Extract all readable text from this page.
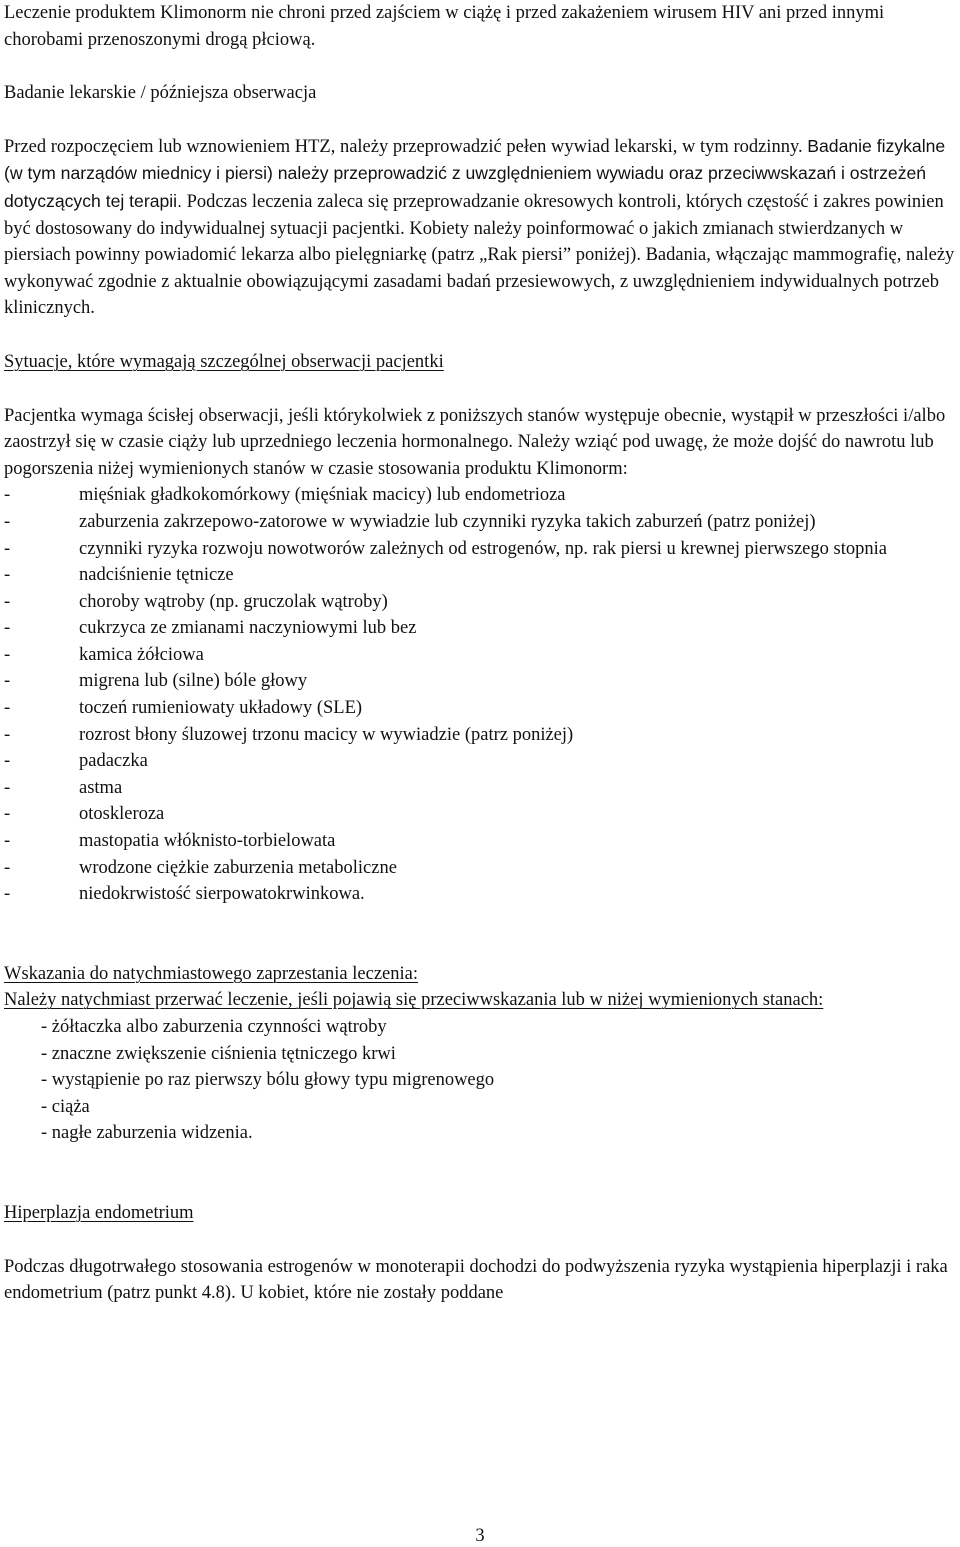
Leczenie produktem Klimonorm nie chroni przed zajściem w ciążę i przed zakażeniem wirusem HIV ani przed innymi chorobami przenoszonymi drogą płciową.

Badanie lekarskie / późniejsza obserwacja

Przed rozpoczęciem lub wznowieniem HTZ, należy przeprowadzić pełen wywiad lekarski, w tym rodzinny. Badanie fizykalne (w tym narządów miednicy i piersi) należy przeprowadzić z uwzględnieniem wywiadu oraz przeciwwskazań i ostrzeżeń dotyczących tej terapii. Podczas leczenia zaleca się przeprowadzanie okresowych kontroli, których częstość i zakres powinien być dostosowany do indywidualnej sytuacji pacjentki. Kobiety należy poinformować o jakich zmianach stwierdzanych w piersiach powinny powiadomić lekarza albo pielęgniarkę (patrz „Rak piersi” poniżej). Badania, włączając mammografię, należy wykonywać zgodnie z aktualnie obowiązującymi zasadami badań przesiewowych, z uwzględnieniem indywidualnych potrzeb klinicznych.

Sytuacje, które wymagają szczególnej obserwacji pacjentki

Pacjentka wymaga ścisłej obserwacji, jeśli którykolwiek z poniższych stanów występuje obecnie, wystąpił w przeszłości i/albo zaostrzył się w czasie ciąży lub uprzedniego leczenia hormonalnego. Należy wziąć pod uwagę, że może dojść do nawrotu lub pogorszenia niżej wymienionych stanów w czasie stosowania produktu Klimonorm:

-	mięśniak gładkokomórkowy (mięśniak macicy) lub endometrioza
-	zaburzenia zakrzepowo-zatorowe w wywiadzie lub czynniki ryzyka takich zaburzeń (patrz poniżej)
-	czynniki ryzyka rozwoju nowotworów zależnych od estrogenów, np. rak piersi u krewnej pierwszego stopnia
-	nadciśnienie tętnicze
-	choroby wątroby (np. gruczolak wątroby)
-	cukrzyca ze zmianami naczyniowymi lub bez
-	kamica żółciowa
-	migrena lub (silne) bóle głowy
-	toczeń rumieniowaty układowy (SLE)
-	rozrost błony śluzowej trzonu macicy w wywiadzie (patrz poniżej)
-	padaczka
-	astma
-	otoskleroza
-	mastopatia włóknisto-torbielowata
-	wrodzone ciężkie zaburzenia metaboliczne
-	niedokrwistość sierpowatokrwinkowa.

Wskazania do natychmiastowego zaprzestania leczenia:

Należy natychmiast przerwać leczenie, jeśli pojawią się przeciwwskazania lub w niżej wymienionych stanach:

- żółtaczka albo zaburzenia czynności wątroby
- znaczne zwiększenie ciśnienia tętniczego krwi
- wystąpienie po raz pierwszy bólu głowy typu migrenowego
- ciąża
- nagłe zaburzenia widzenia.

Hiperplazja endometrium

Podczas długotrwałego stosowania estrogenów w monoterapii dochodzi do podwyższenia ryzyka wystąpienia hiperplazji i raka endometrium (patrz punkt 4.8). U kobiet, które nie zostały poddane

3
